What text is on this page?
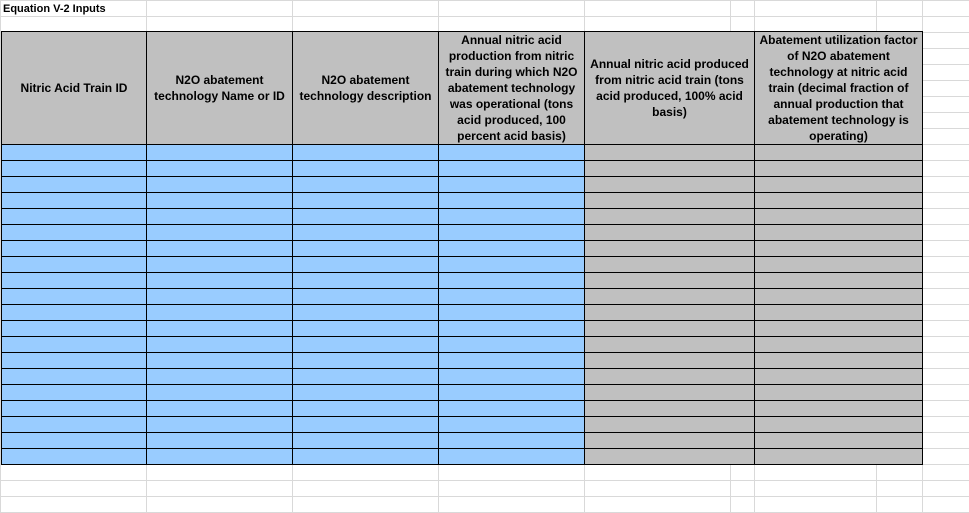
Equation V-2 Inputs
Nitric Acid Train ID	N2O abatement technology Name or ID	N2O abatement technology description	Annual nitric acid production from nitric train during which N2O abatement technology was operational (tons acid produced, 100 percent acid basis)	Annual nitric acid produced from nitric acid train (tons acid produced, 100% acid basis)	Abatement utilization factor of N2O abatement technology at nitric acid train (decimal fraction of annual production that abatement technology is operating)
